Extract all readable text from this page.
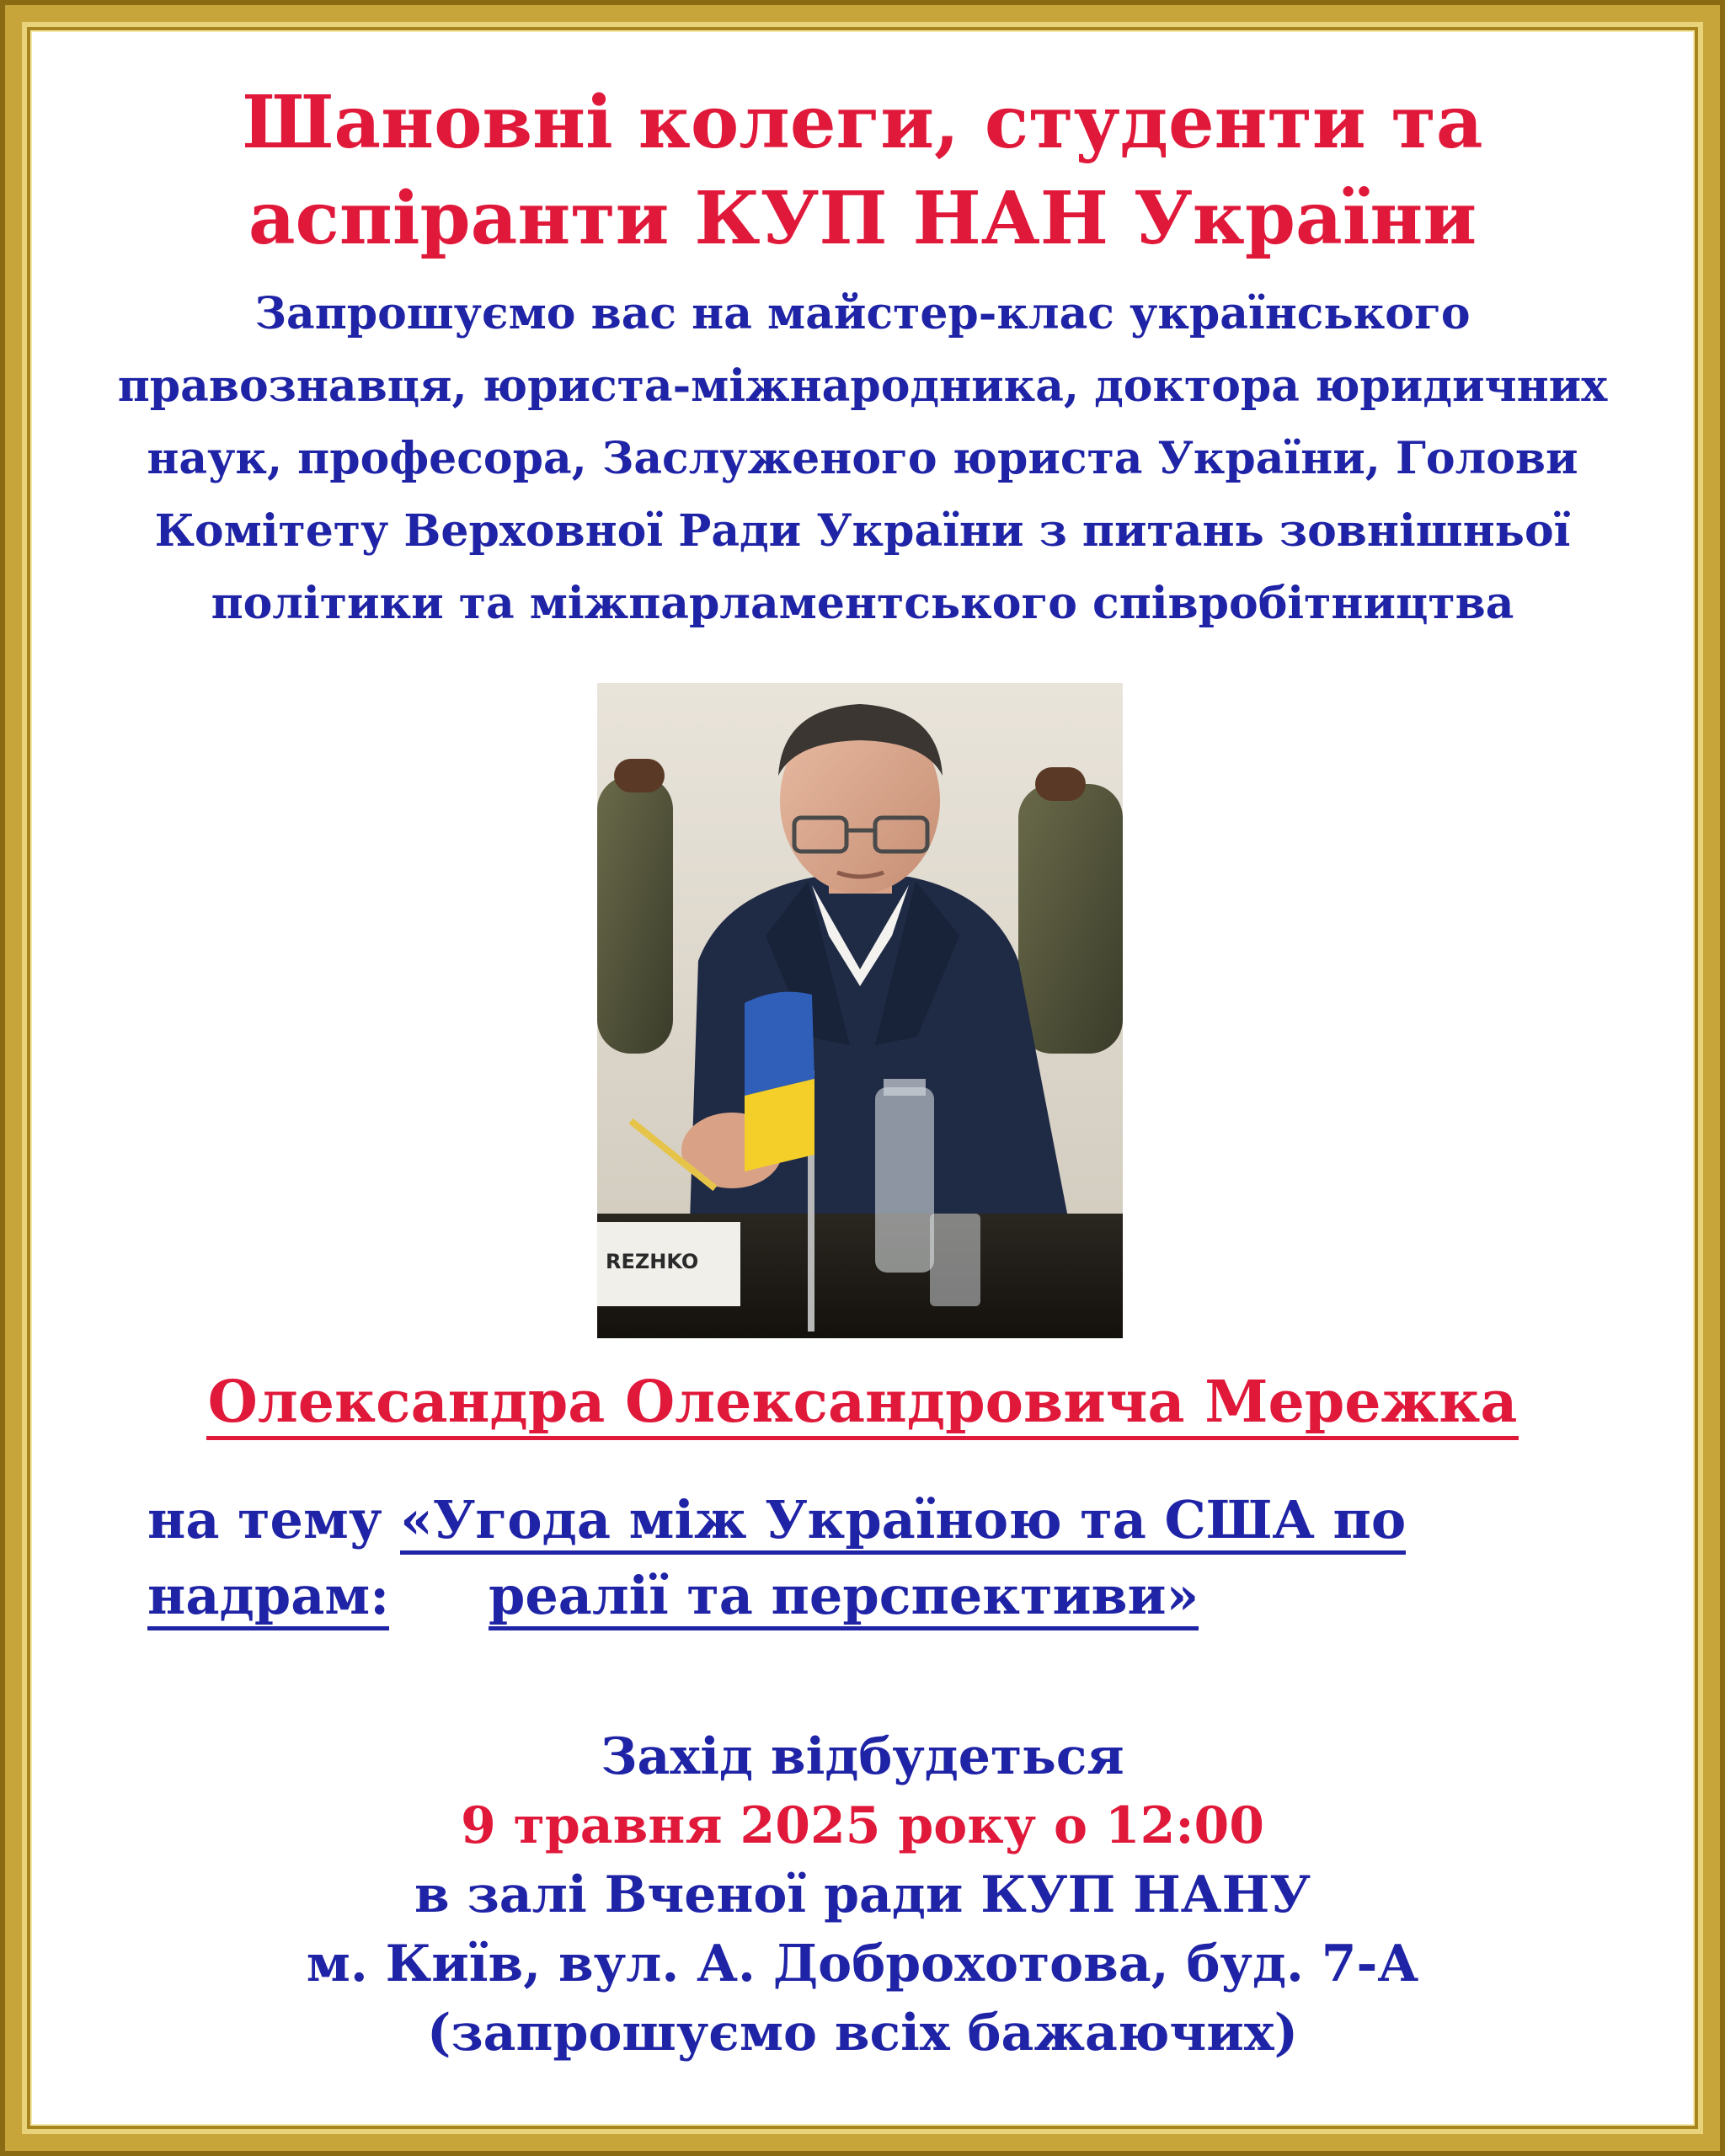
Шановні колеги, студенти та
аспіранти КУП НАН України
Запрошуємо вас на майстер-клас українського
правознавця, юриста-міжнародника, доктора юридичних
наук, професора, Заслуженого юриста України, Голови
Комітету Верховної Ради України з питань зовнішньої
політики та міжпарламентського співробітництва
REZHKO
Олександра Олександровича Мережка
на тему «Угода між Україною та США по надрам:	реалії та перспективи»
Захід відбудеться
9 травня 2025 року о 12:00
в залі Вченої ради КУП НАНУ
м. Київ, вул. А. Доброхотова, буд. 7-А
(запрошуємо всіх бажаючих)
